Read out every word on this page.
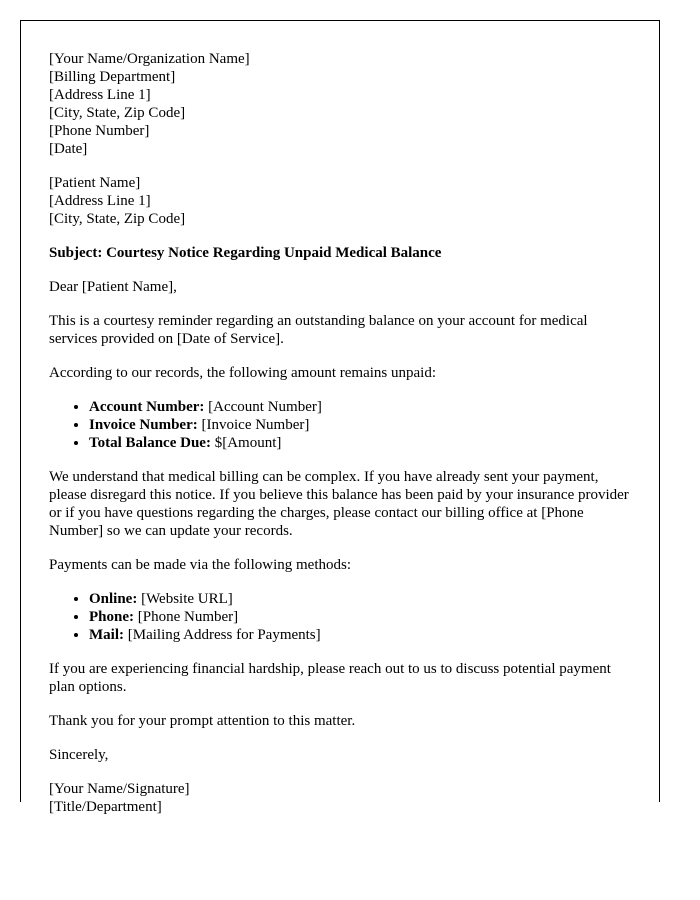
[Your Name/Organization Name]
[Billing Department]
[Address Line 1]
[City, State, Zip Code]
[Phone Number]
[Date]
[Patient Name]
[Address Line 1]
[City, State, Zip Code]

Subject: Courtesy Notice Regarding Unpaid Medical Balance

Dear [Patient Name],

This is a courtesy reminder regarding an outstanding balance on your account for medical services provided on [Date of Service].

According to our records, the following amount remains unpaid:

• Account Number: [Account Number]
• Invoice Number: [Invoice Number]
• Total Balance Due: $[Amount]

We understand that medical billing can be complex. If you have already sent your payment, please disregard this notice. If you believe this balance has been paid by your insurance provider or if you have questions regarding the charges, please contact our billing office at [Phone Number] so we can update your records.

Payments can be made via the following methods:

• Online: [Website URL]
• Phone: [Phone Number]
• Mail: [Mailing Address for Payments]

If you are experiencing financial hardship, please reach out to us to discuss potential payment plan options.

Thank you for your prompt attention to this matter.

Sincerely,

[Your Name/Signature]
[Title/Department]
